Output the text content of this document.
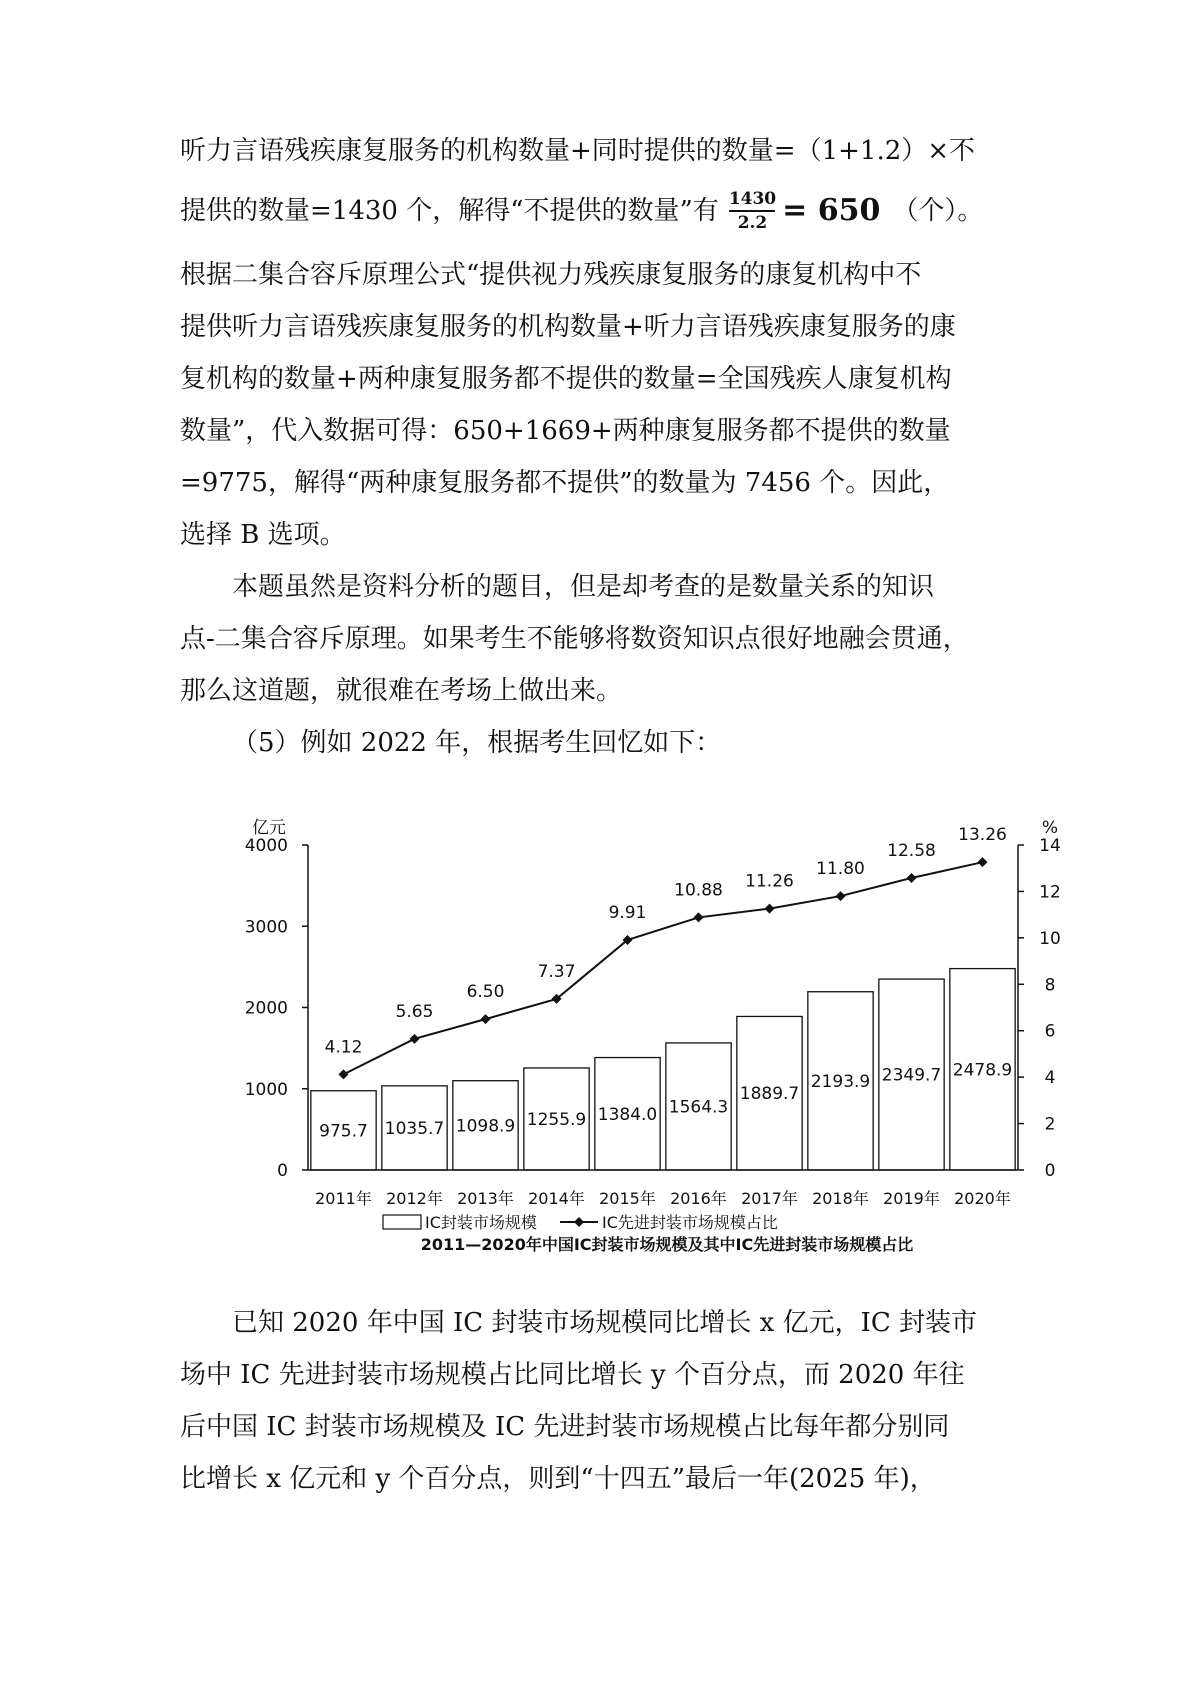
听力言语残疾康复服务的机构数量+同时提供的数量=（1+1.2）×不
提供的数量=1430 个，解得“不提供的数量”有 $\frac{1430}{2.2} = 650$ （个）。
根据二集合容斥原理公式“提供视力残疾康复服务的康复机构中不
提供听力言语残疾康复服务的机构数量+听力言语残疾康复服务的康
复机构的数量+两种康复服务都不提供的数量=全国残疾人康复机构
数量”，代入数据可得：650+1669+两种康复服务都不提供的数量
=9775，解得“两种康复服务都不提供”的数量为 7456 个。因此，
选择 B 选项。
本题虽然是资料分析的题目，但是却考查的是数量关系的知识
点-二集合容斥原理。如果考生不能够将数资知识点很好地融会贯通，
那么这道题，就很难在考场上做出来。
（5）例如 2022 年，根据考生回忆如下：
0
1000
2000
3000
4000
亿元
0
2
4
6
8
10
12
14
%
975.7 1035.7 1098.9 1255.9 1384.0 1564.3
1889.7
2193.9 2349.7 2478.9
4.12
5.65
6.50
7.37
9.91
10.88 11.26
11.80
12.58
13.26
2011年 2012年 2013年 2014年 2015年 2016年 2017年 2018年 2019年 2020年
IC封装市场规模	IC先进封装市场规模占比
2011—2020年中国IC封装市场规模及其中IC先进封装市场规模占比
已知 2020 年中国 IC 封装市场规模同比增长 x 亿元，IC 封装市
场中 IC 先进封装市场规模占比同比增长 y 个百分点，而 2020 年往
后中国 IC 封装市场规模及 IC 先进封装市场规模占比每年都分别同
比增长 x 亿元和 y 个百分点，则到“十四五”最后一年(2025 年)，
